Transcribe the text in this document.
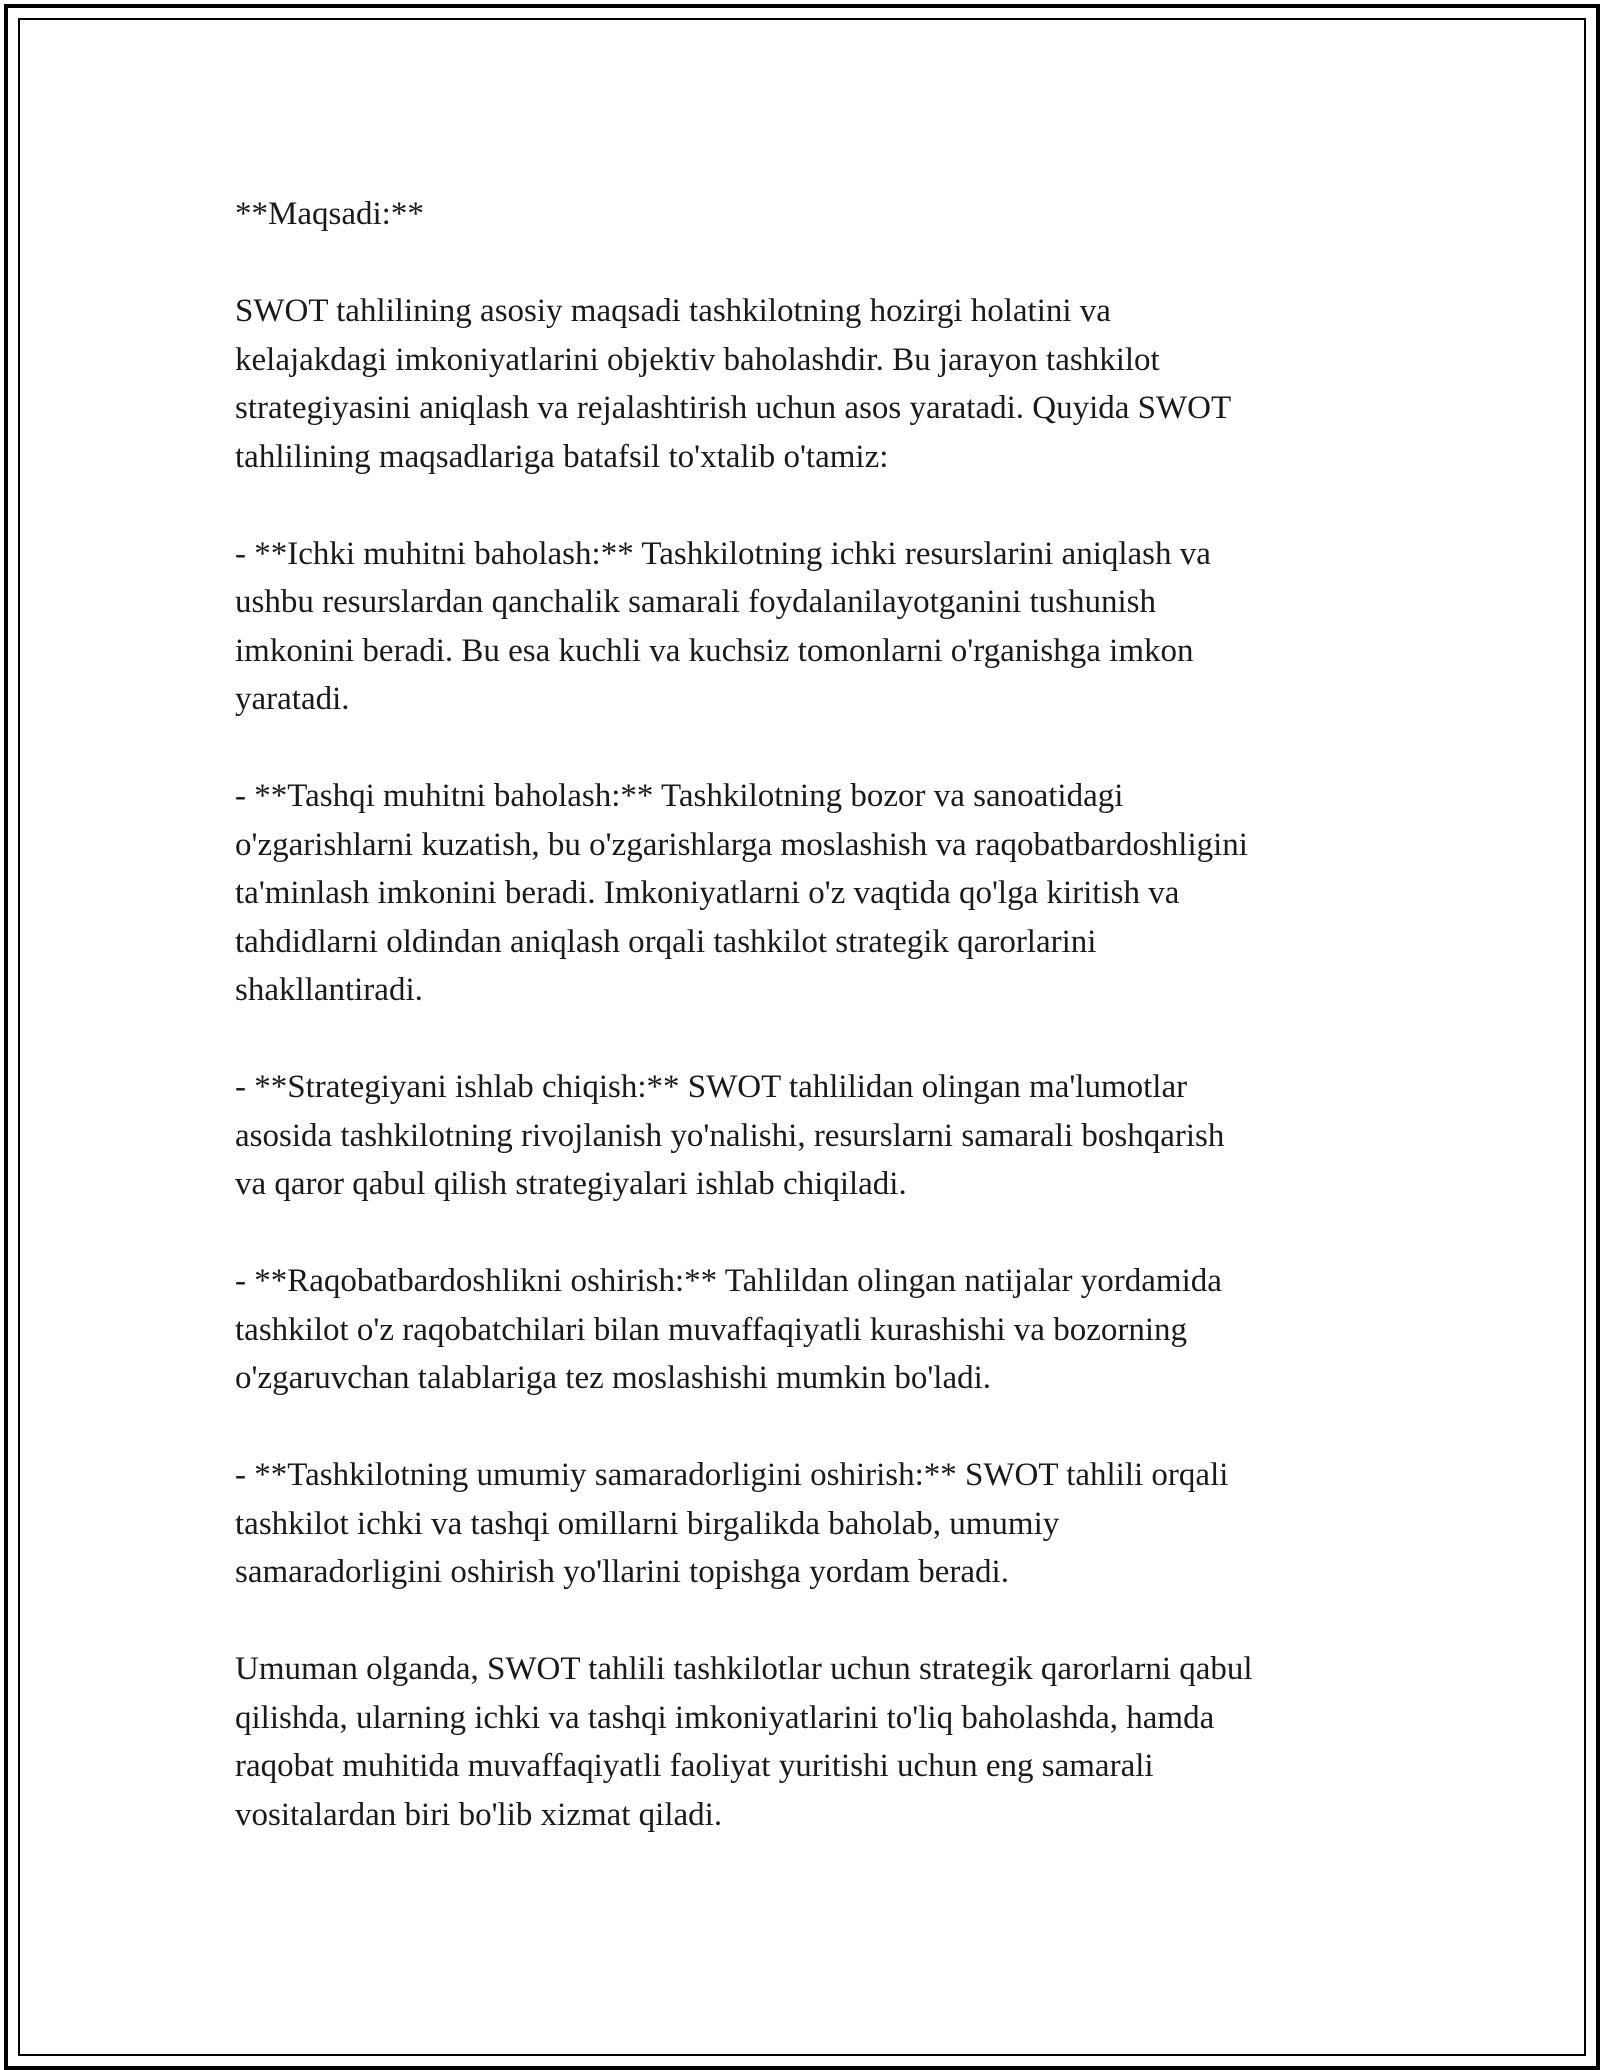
**Maqsadi:**

SWOT tahlilining asosiy maqsadi tashkilotning hozirgi holatini va
kelajakdagi imkoniyatlarini objektiv baholashdir. Bu jarayon tashkilot
strategiyasini aniqlash va rejalashtirish uchun asos yaratadi. Quyida SWOT
tahlilining maqsadlariga batafsil to'xtalib o'tamiz:

- **Ichki muhitni baholash:** Tashkilotning ichki resurslarini aniqlash va
ushbu resurslardan qanchalik samarali foydalanilayotganini tushunish
imkonini beradi. Bu esa kuchli va kuchsiz tomonlarni o'rganishga imkon
yaratadi.

- **Tashqi muhitni baholash:** Tashkilotning bozor va sanoatidagi
o'zgarishlarni kuzatish, bu o'zgarishlarga moslashish va raqobatbardoshligini
ta'minlash imkonini beradi. Imkoniyatlarni o'z vaqtida qo'lga kiritish va
tahdidlarni oldindan aniqlash orqali tashkilot strategik qarorlarini
shakllantiradi.

- **Strategiyani ishlab chiqish:** SWOT tahlilidan olingan ma'lumotlar
asosida tashkilotning rivojlanish yo'nalishi, resurslarni samarali boshqarish
va qaror qabul qilish strategiyalari ishlab chiqiladi.

- **Raqobatbardoshlikni oshirish:** Tahlildan olingan natijalar yordamida
tashkilot o'z raqobatchilari bilan muvaffaqiyatli kurashishi va bozorning
o'zgaruvchan talablariga tez moslashishi mumkin bo'ladi.

- **Tashkilotning umumiy samaradorligini oshirish:** SWOT tahlili orqali
tashkilot ichki va tashqi omillarni birgalikda baholab, umumiy
samaradorligini oshirish yo'llarini topishga yordam beradi.

Umuman olganda, SWOT tahlili tashkilotlar uchun strategik qarorlarni qabul
qilishda, ularning ichki va tashqi imkoniyatlarini to'liq baholashda, hamda
raqobat muhitida muvaffaqiyatli faoliyat yuritishi uchun eng samarali
vositalardan biri bo'lib xizmat qiladi.
